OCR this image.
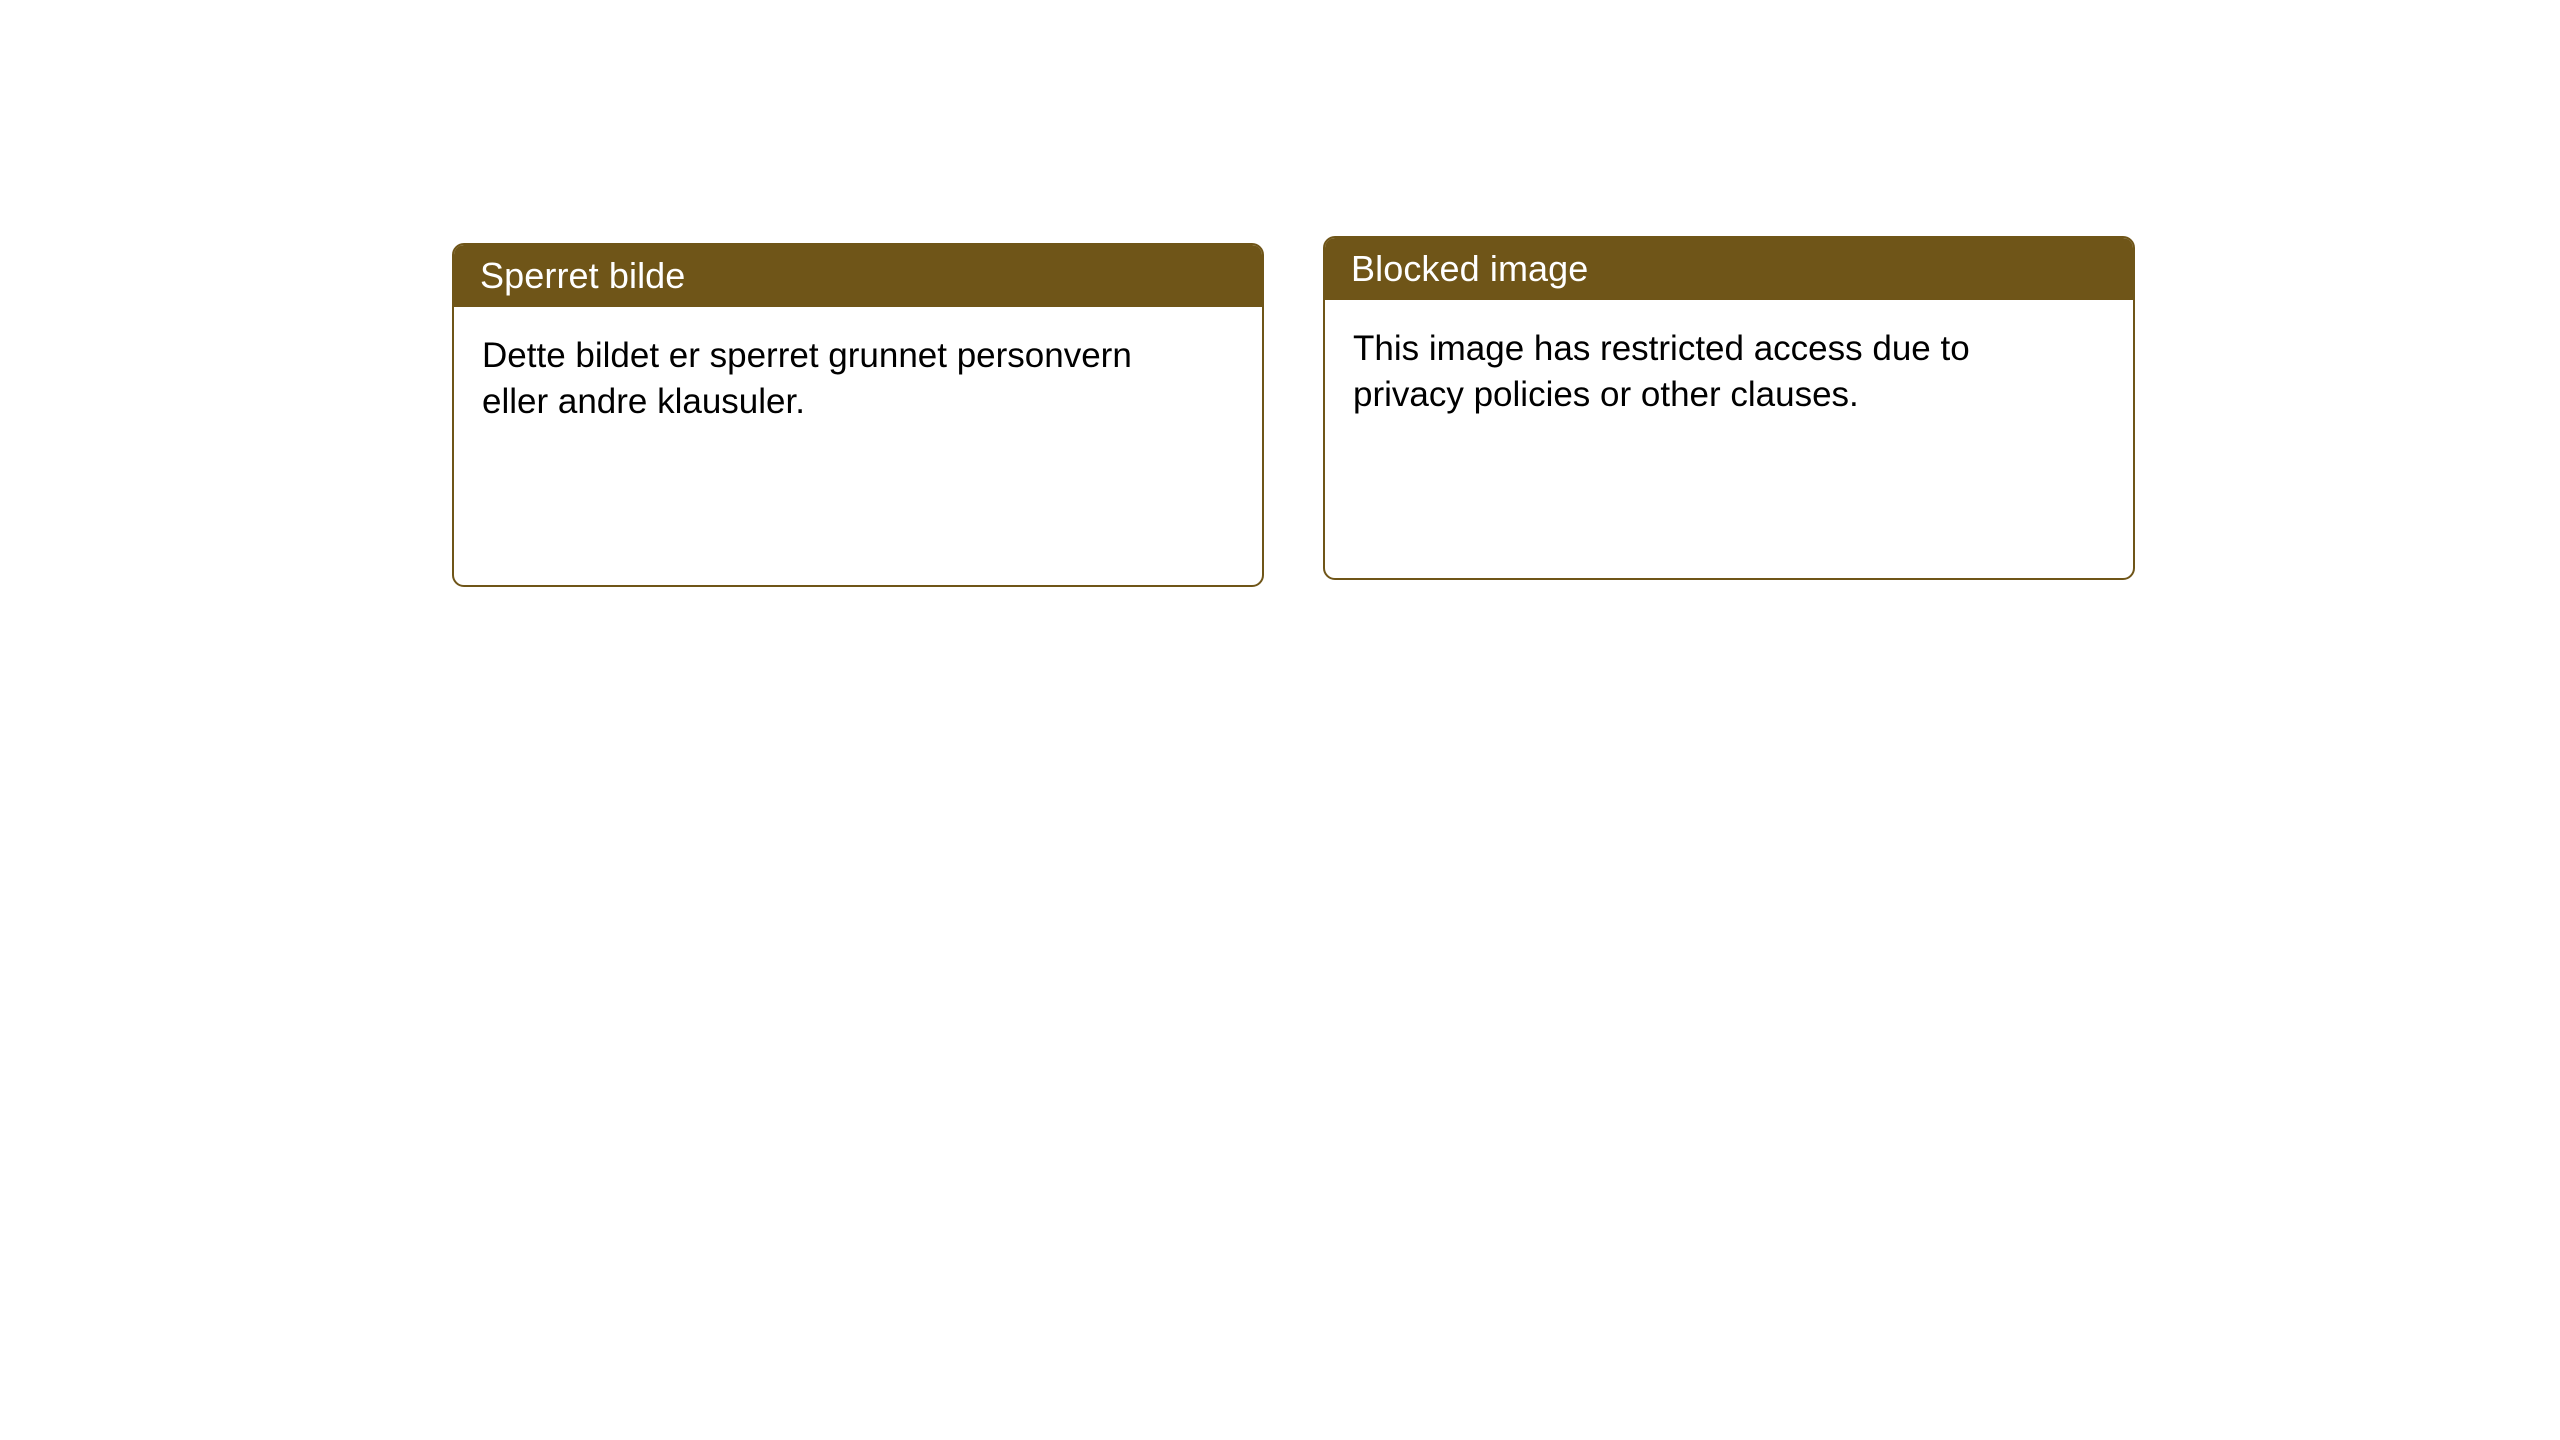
Sperret bilde

Dette bildet er sperret grunnet personvern eller andre klausuler.

Blocked image

This image has restricted access due to privacy policies or other clauses.
